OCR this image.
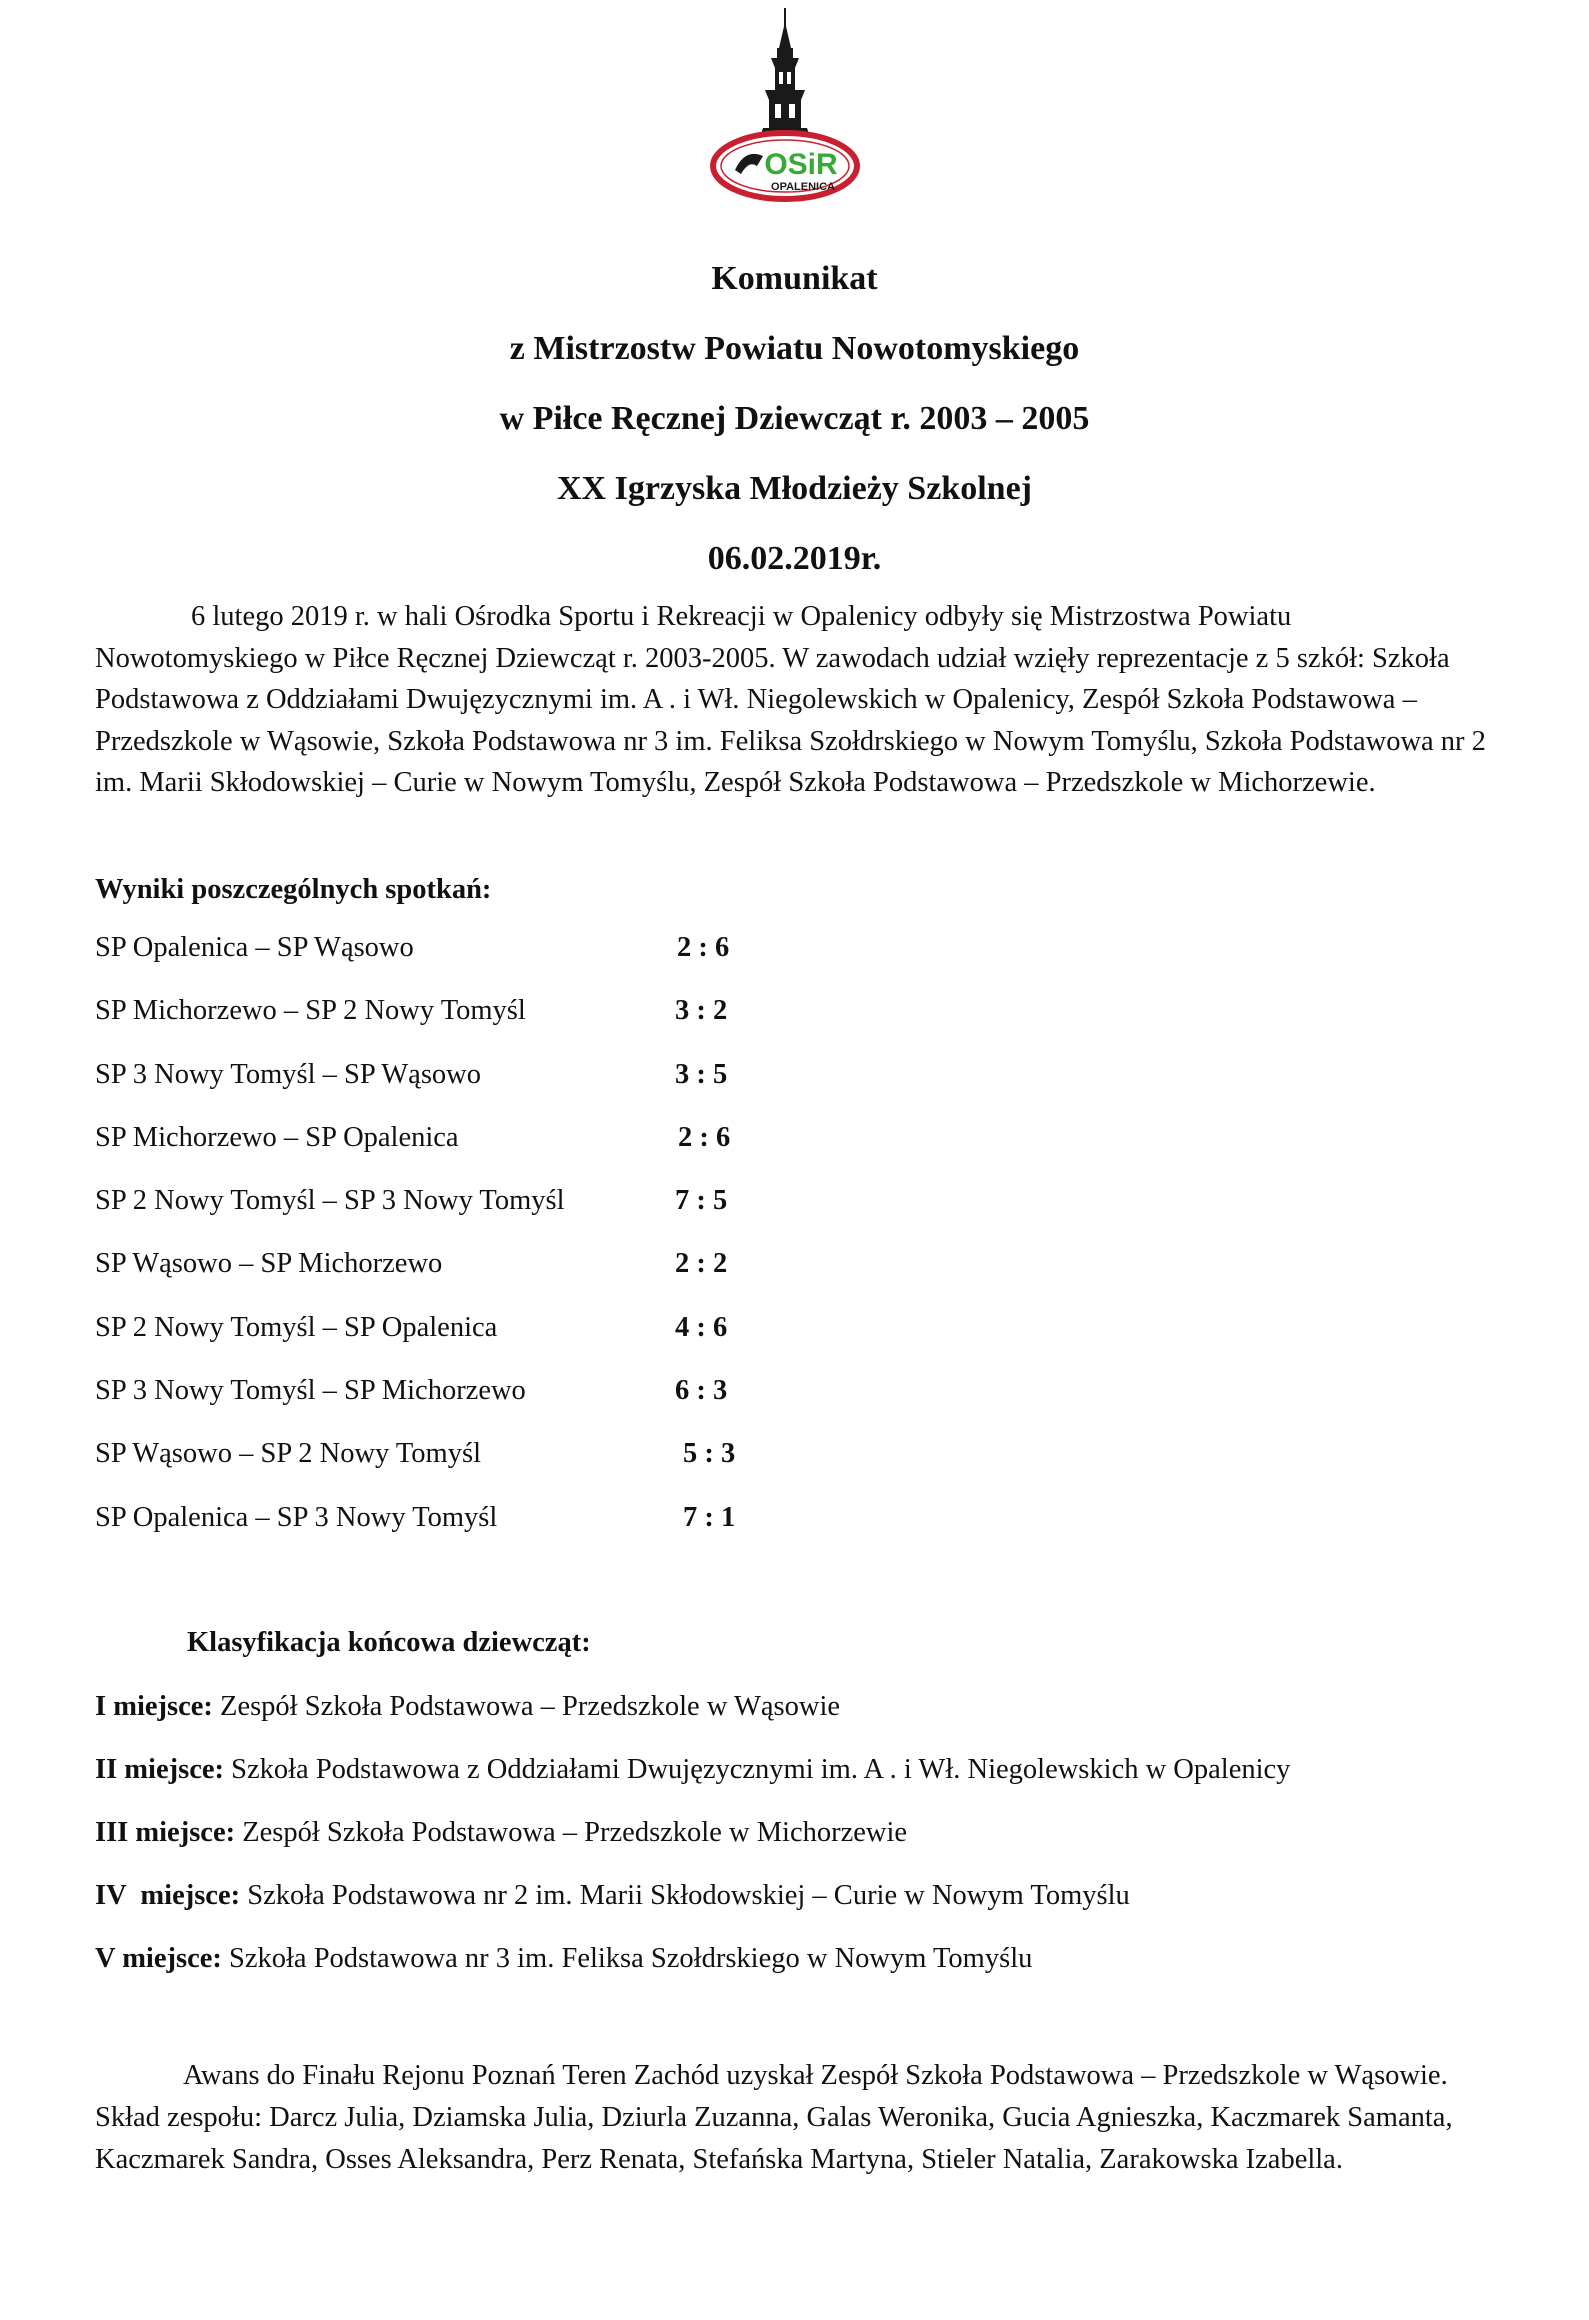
OSiR
OPALENICA

Komunikat

z Mistrzostw Powiatu Nowotomyskiego

w Piłce Ręcznej Dziewcząt r. 2003 – 2005

XX Igrzyska Młodzieży Szkolnej

06.02.2019r.

6 lutego 2019 r. w hali Ośrodka Sportu i Rekreacji w Opalenicy odbyły się Mistrzostwa Powiatu Nowotomyskiego w Piłce Ręcznej Dziewcząt r. 2003-2005. W zawodach udział wzięły reprezentacje z 5 szkół: Szkoła Podstawowa z Oddziałami Dwujęzycznymi im. A . i Wł. Niegolewskich w Opalenicy, Zespół Szkoła Podstawowa – Przedszkole w Wąsowie, Szkoła Podstawowa nr 3 im. Feliksa Szołdrskiego w Nowym Tomyślu, Szkoła Podstawowa nr 2 im. Marii Skłodowskiej – Curie w Nowym Tomyślu, Zespół Szkoła Podstawowa – Przedszkole w Michorzewie.

Wyniki poszczególnych spotkań:

SP Opalenica – SP Wąsowo	2 : 6
SP Michorzewo – SP 2 Nowy Tomyśl	3 : 2
SP 3 Nowy Tomyśl – SP Wąsowo	3 : 5
SP Michorzewo – SP Opalenica	2 : 6
SP 2 Nowy Tomyśl – SP 3 Nowy Tomyśl	7 : 5
SP Wąsowo – SP Michorzewo	2 : 2
SP 2 Nowy Tomyśl – SP Opalenica	4 : 6
SP 3 Nowy Tomyśl – SP Michorzewo	6 : 3
SP Wąsowo – SP 2 Nowy Tomyśl	5 : 3
SP Opalenica – SP 3 Nowy Tomyśl	7 : 1

Klasyfikacja końcowa dziewcząt:

I miejsce: Zespół Szkoła Podstawowa – Przedszkole w Wąsowie
II miejsce: Szkoła Podstawowa z Oddziałami Dwujęzycznymi im. A . i Wł. Niegolewskich w Opalenicy
III miejsce: Zespół Szkoła Podstawowa – Przedszkole w Michorzewie
IV  miejsce: Szkoła Podstawowa nr 2 im. Marii Skłodowskiej – Curie w Nowym Tomyślu
V miejsce: Szkoła Podstawowa nr 3 im. Feliksa Szołdrskiego w Nowym Tomyślu

Awans do Finału Rejonu Poznań Teren Zachód uzyskał Zespół Szkoła Podstawowa – Przedszkole w Wąsowie. Skład zespołu: Darcz Julia, Dziamska Julia, Dziurla Zuzanna, Galas Weronika, Gucia Agnieszka, Kaczmarek Samanta, Kaczmarek Sandra, Osses Aleksandra, Perz Renata, Stefańska Martyna, Stieler Natalia, Zarakowska Izabella.
